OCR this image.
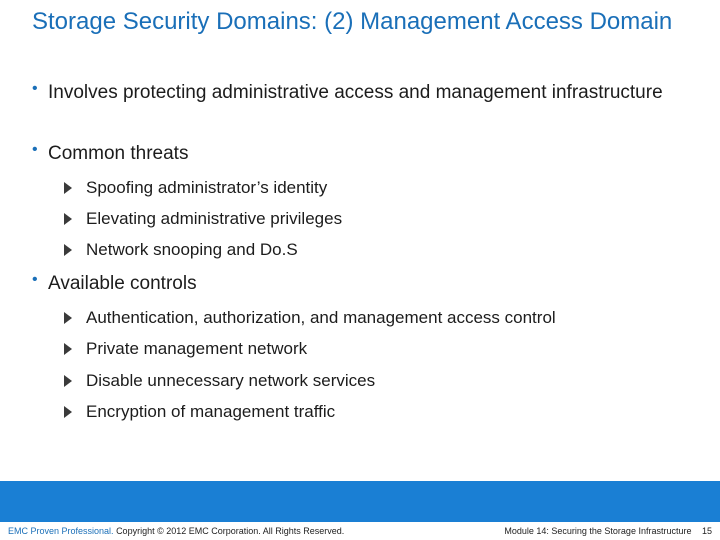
Storage Security Domains: (2) Management Access Domain
• Involves protecting administrative access and management infrastructure
• Common threats
Spoofing administrator’s identity
Elevating administrative privileges
Network snooping and Do.S
• Available controls
Authentication, authorization, and management access control
Private management network
Disable unnecessary network services
Encryption of management traffic
EMC Proven Professional. Copyright © 2012 EMC Corporation. All Rights Reserved.	Module 14: Securing the Storage Infrastructure 15
